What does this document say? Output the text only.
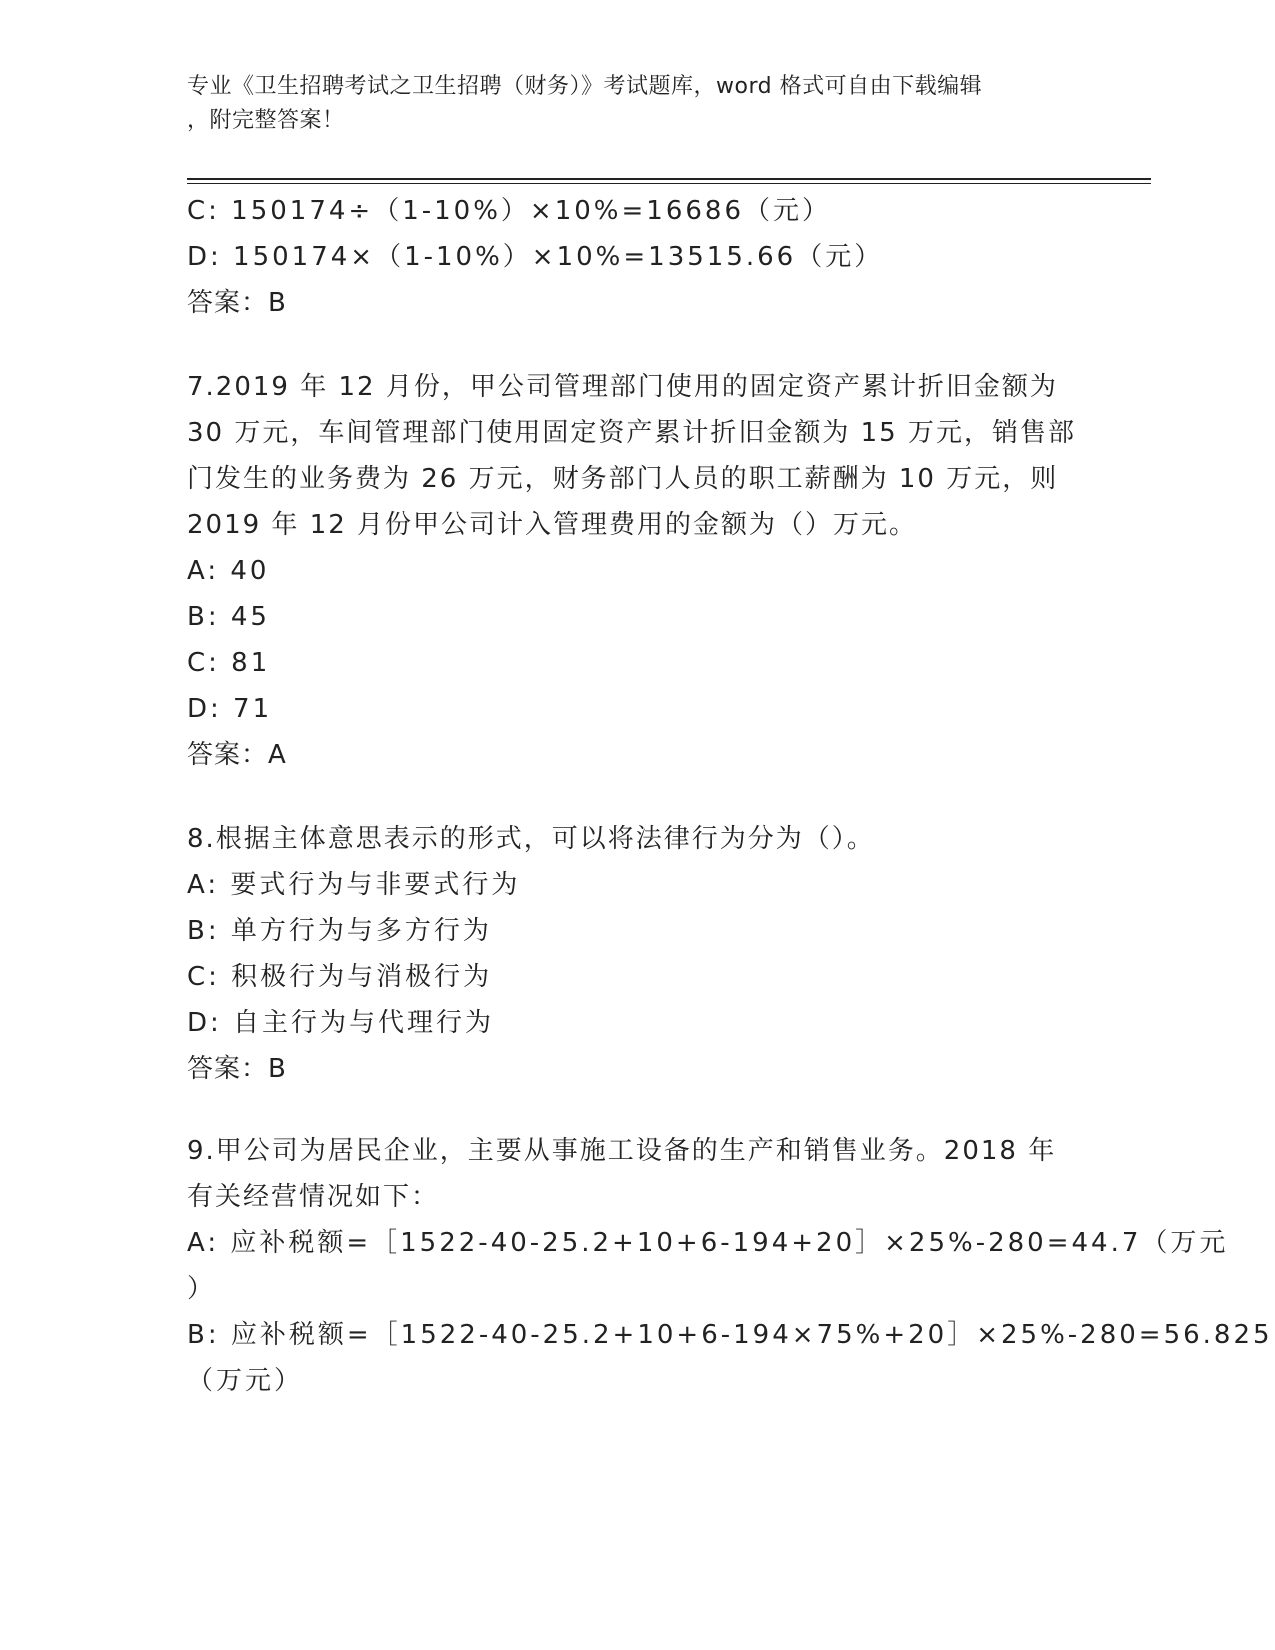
专业《卫生招聘考试之卫生招聘（财务）》考试题库，word 格式可自由下载编辑
，附完整答案！
C: 150174÷（1-10%）×10%=16686（元）
D: 150174×（1-10%）×10%=13515.66（元）
答案：B
7.2019 年 12 月份，甲公司管理部门使用的固定资产累计折旧金额为
30 万元，车间管理部门使用固定资产累计折旧金额为 15 万元，销售部
门发生的业务费为 26 万元，财务部门人员的职工薪酬为 10 万元，则
2019 年 12 月份甲公司计入管理费用的金额为（）万元。
A: 40
B: 45
C: 81
D: 71
答案：A
8.根据主体意思表示的形式，可以将法律行为分为（）。
A: 要式行为与非要式行为
B: 单方行为与多方行为
C: 积极行为与消极行为
D: 自主行为与代理行为
答案：B
9.甲公司为居民企业，主要从事施工设备的生产和销售业务。2018 年
有关经营情况如下：
A: 应补税额=［1522-40-25.2+10+6-194+20］×25%-280=44.7（万元
）
B: 应补税额=［1522-40-25.2+10+6-194×75%+20］×25%-280=56.825
（万元）
